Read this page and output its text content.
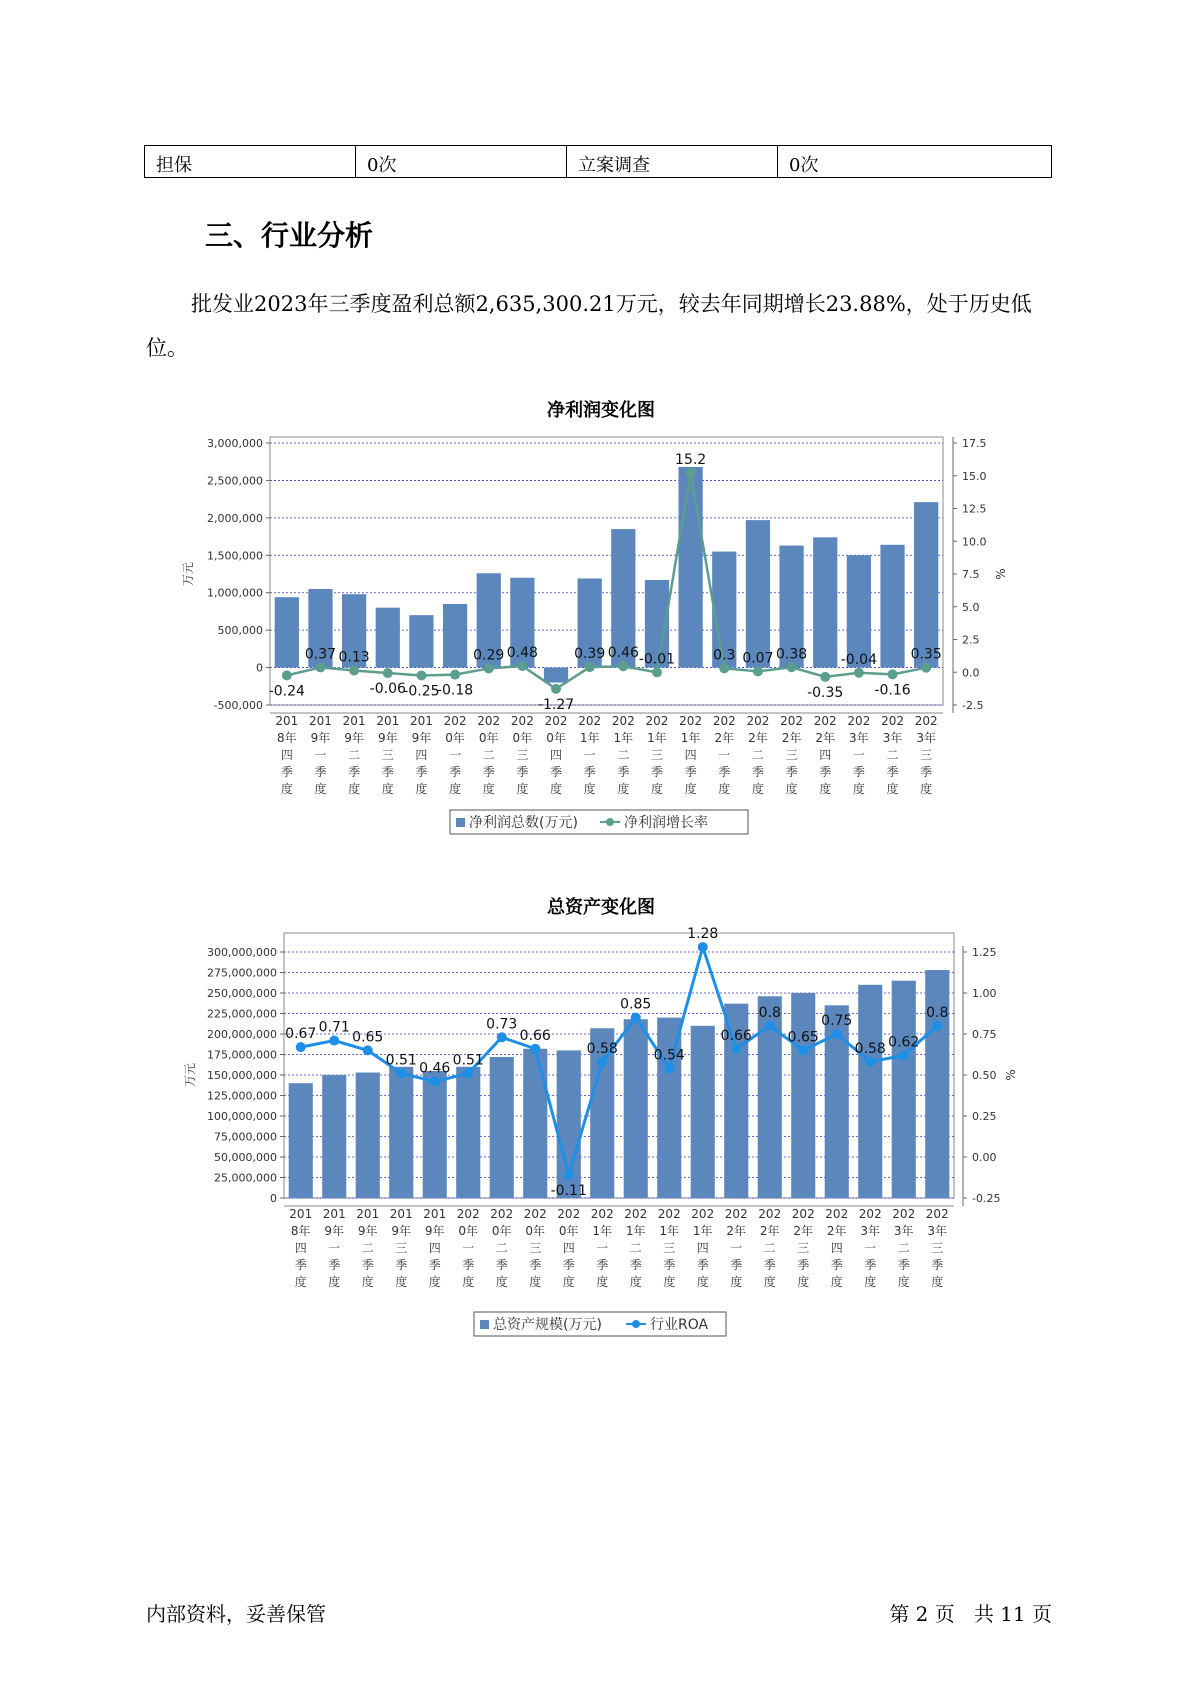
担保	0次	立案调查	0次
三、行业分析
批发业2023年三季度盈利总额2,635,300.21万元，较去年同期增长23.88%，处于历史低位。
净利润变化图
3,000,000
2,500,000
2,000,000
1,500,000
1,000,000
500,000
0
-500,000
17.5
15.0
12.5
10.0
7.5
5.0
2.5
0.0
-2.5
万元	%
-0.24
0.37 0.13
-0.06
-0.25
-0.18
0.29 0.48
-1.27
0.39 0.46 -0.01
15.2
0.3 0.07 0.38
-0.35
-0.04
-0.16
0.35
201 8年四季度
201 9年一季度
201 9年二季度
201 9年三季度
201 9年四季度
202 0年一季度
202 0年二季度
202 0年三季度
202 0年四季度
202 1年一季度
202 1年二季度
202 1年三季度
202 1年四季度
202 2年一季度
202 2年二季度
202 2年三季度
202 2年四季度
202 3年一季度
202 3年二季度
202 3年三季度
净利润总数(万元)	净利润增长率
总资产变化图
300,000,000
275,000,000
250,000,000
225,000,000
200,000,000
175,000,000
150,000,000
125,000,000
100,000,000
75,000,000
50,000,000
25,000,000
0
1.25
1.00
0.75
0.50
0.25
0.00
-0.25
万元	%
0.67 0.71
0.65
0.51
0.46
0.51
0.73
0.66
-0.11
0.58
0.85
0.54
1.28
0.66
0.8
0.65
0.75
0.58 0.62
0.8
201 8年四季度
201 9年一季度
201 9年二季度
201 9年三季度
201 9年四季度
202 0年一季度
202 0年二季度
202 0年三季度
202 0年四季度
202 1年一季度
202 1年二季度
202 1年三季度
202 1年四季度
202 2年一季度
202 2年二季度
202 2年三季度
202 2年四季度
202 3年一季度
202 3年二季度
202 3年三季度
总资产规模(万元)	行业ROA
内部资料，妥善保管	第 2 页   共 11 页
